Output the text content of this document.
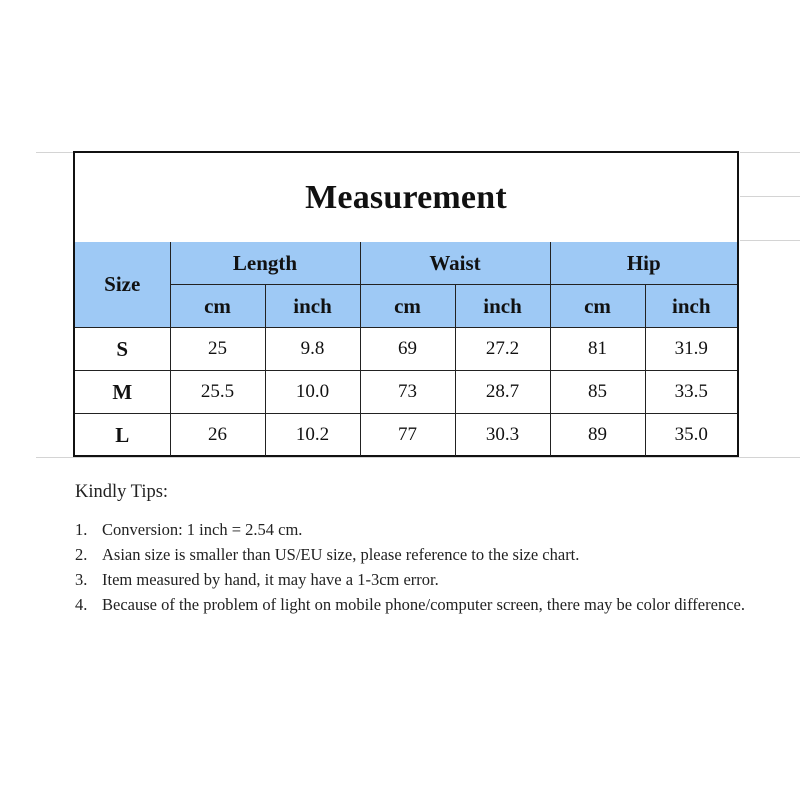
Measurement
Size	Length		Waist		Hip	
	cm	inch	cm	inch	cm	inch
S	25	9.8	69	27.2	81	31.9
M	25.5	10.0	73	28.7	85	33.5
L	26	10.2	77	30.3	89	35.0
Kindly Tips:
1. Conversion: 1 inch = 2.54 cm.
2. Asian size is smaller than US/EU size, please reference to the size chart.
3. Item measured by hand, it may have a 1-3cm error.
4. Because of the problem of light on mobile phone/computer screen, there may be color difference.
